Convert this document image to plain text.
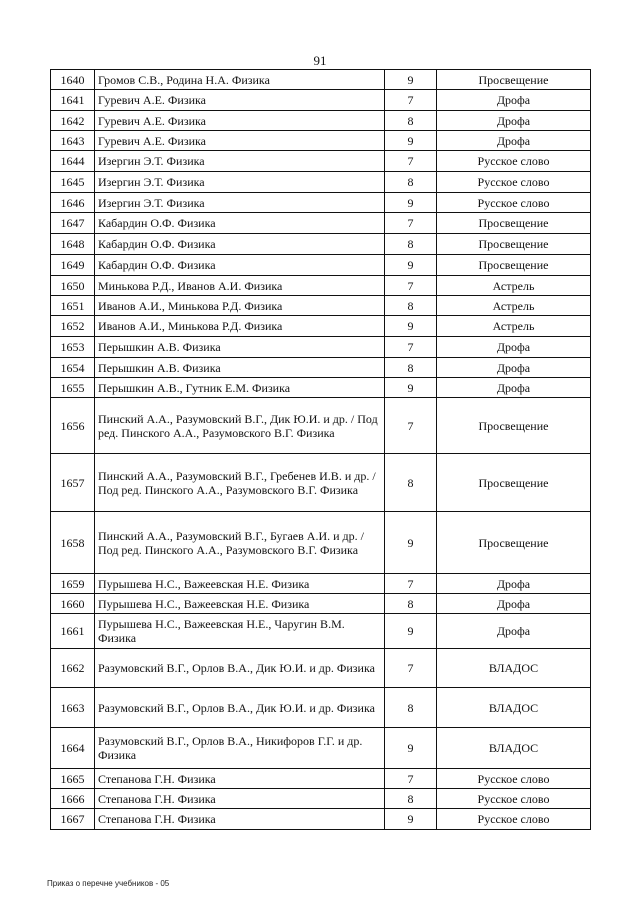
91
1640	Громов С.В., Родина Н.А. Физика	9	Просвещение
1641	Гуревич А.Е. Физика	7	Дрофа
1642	Гуревич А.Е. Физика	8	Дрофа
1643	Гуревич А.Е. Физика	9	Дрофа
1644	Изергин Э.Т. Физика	7	Русское слово
1645	Изергин Э.Т. Физика	8	Русское слово
1646	Изергин Э.Т. Физика	9	Русское слово
1647	Кабардин О.Ф. Физика	7	Просвещение
1648	Кабардин О.Ф. Физика	8	Просвещение
1649	Кабардин О.Ф. Физика	9	Просвещение
1650	Минькова Р.Д., Иванов А.И. Физика	7	Астрель
1651	Иванов А.И., Минькова Р.Д. Физика	8	Астрель
1652	Иванов А.И., Минькова Р.Д. Физика	9	Астрель
1653	Перышкин А.В. Физика	7	Дрофа
1654	Перышкин А.В. Физика	8	Дрофа
1655	Перышкин А.В., Гутник Е.М. Физика	9	Дрофа
1656	Пинский А.А., Разумовский В.Г., Дик Ю.И. и др. / Под ред. Пинского А.А., Разумовского В.Г. Физика	7	Просвещение
1657	Пинский А.А., Разумовский В.Г., Гребенев И.В. и др. / Под ред. Пинского А.А., Разумовского В.Г. Физика	8	Просвещение
1658	Пинский А.А., Разумовский В.Г., Бугаев А.И. и др. / Под ред. Пинского А.А., Разумовского В.Г. Физика	9	Просвещение
1659	Пурышева Н.С., Важеевская Н.Е. Физика	7	Дрофа
1660	Пурышева Н.С., Важеевская Н.Е. Физика	8	Дрофа
1661	Пурышева Н.С., Важеевская Н.Е., Чаругин В.М. Физика	9	Дрофа
1662	Разумовский В.Г., Орлов В.А., Дик Ю.И. и др. Физика	7	ВЛАДОС
1663	Разумовский В.Г., Орлов В.А., Дик Ю.И. и др. Физика	8	ВЛАДОС
1664	Разумовский В.Г., Орлов В.А., Никифоров Г.Г. и др. Физика	9	ВЛАДОС
1665	Степанова Г.Н. Физика	7	Русское слово
1666	Степанова Г.Н. Физика	8	Русское слово
1667	Степанова Г.Н. Физика	9	Русское слово
Приказ о перечне учебников - 05
